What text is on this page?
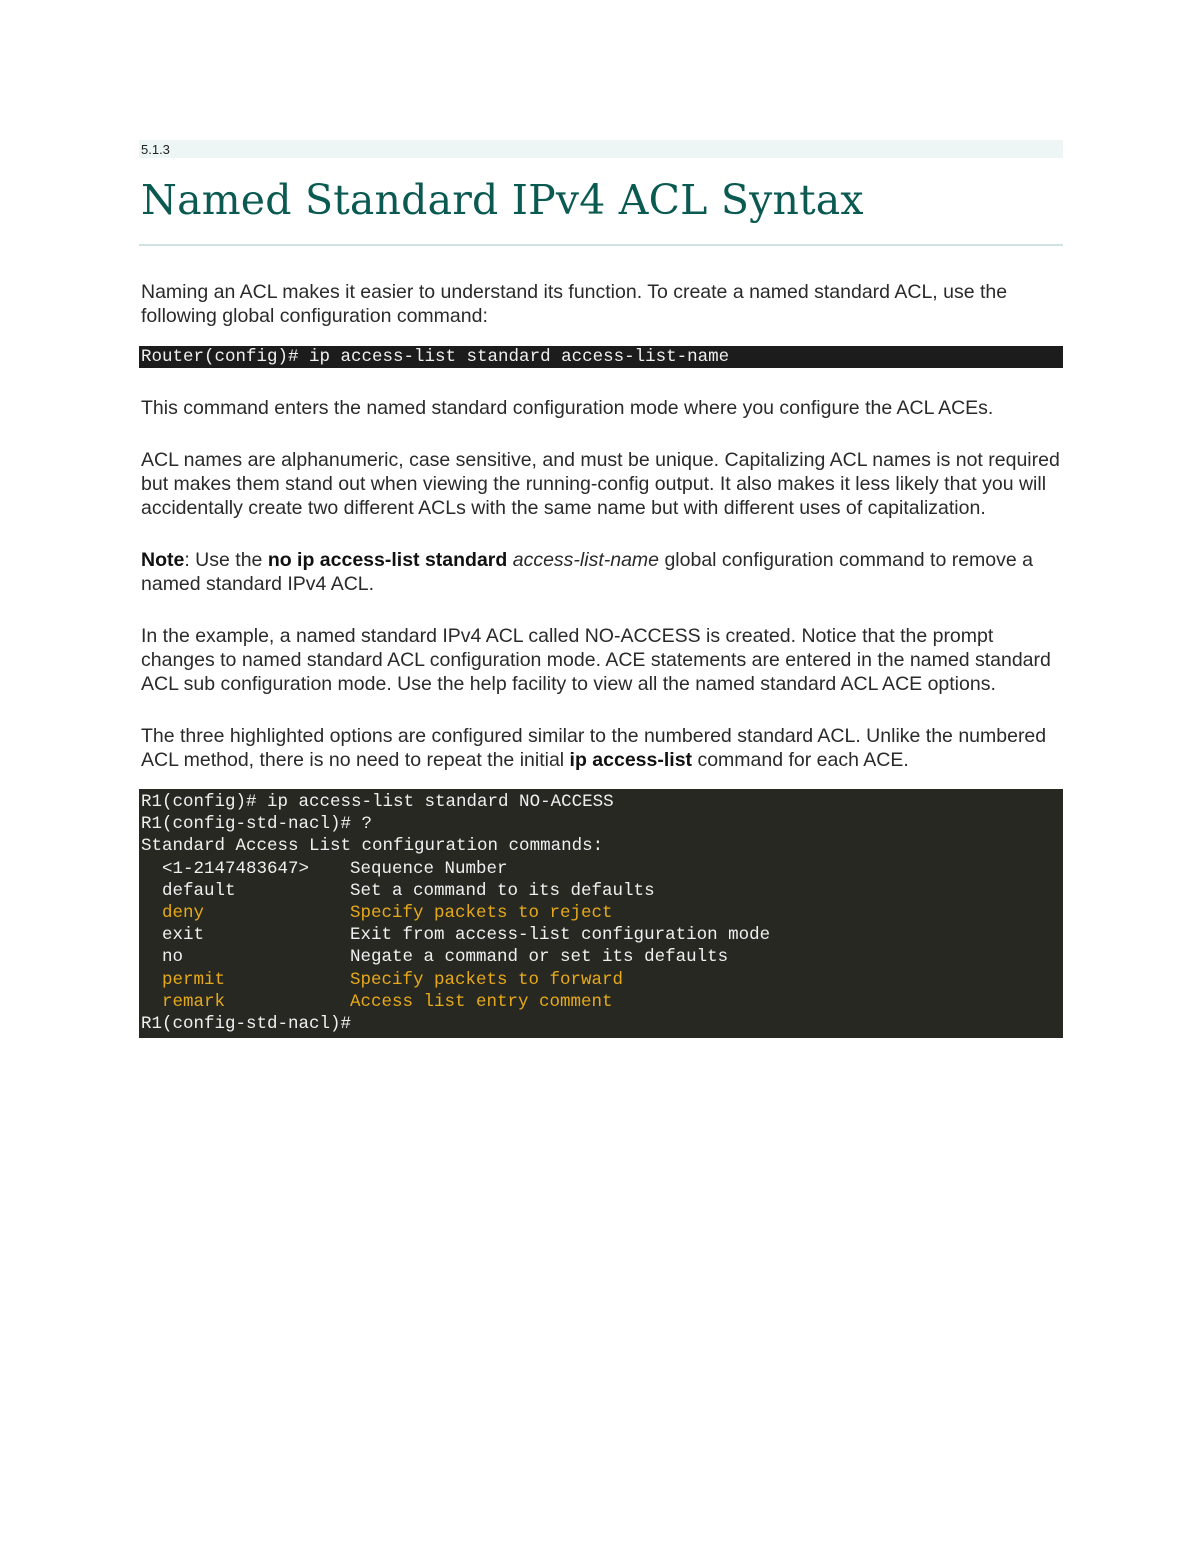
5.1.3
Named Standard IPv4 ACL Syntax

Naming an ACL makes it easier to understand its function. To create a named standard ACL, use the following global configuration command:

Router(config)# ip access-list standard access-list-name

This command enters the named standard configuration mode where you configure the ACL ACEs.

ACL names are alphanumeric, case sensitive, and must be unique. Capitalizing ACL names is not required but makes them stand out when viewing the running-config output. It also makes it less likely that you will accidentally create two different ACLs with the same name but with different uses of capitalization.

Note: Use the no ip access-list standard access-list-name global configuration command to remove a named standard IPv4 ACL.

In the example, a named standard IPv4 ACL called NO-ACCESS is created. Notice that the prompt changes to named standard ACL configuration mode. ACE statements are entered in the named standard ACL sub configuration mode. Use the help facility to view all the named standard ACL ACE options.

The three highlighted options are configured similar to the numbered standard ACL. Unlike the numbered ACL method, there is no need to repeat the initial ip access-list command for each ACE.

R1(config)# ip access-list standard NO-ACCESS
R1(config-std-nacl)# ?
Standard Access List configuration commands:
<1-2147483647> Sequence Number
default	Set a command to its defaults
deny	Specify packets to reject
exit	Exit from access-list configuration mode
no	Negate a command or set its defaults
permit	Specify packets to forward
remark	Access list entry comment
R1(config-std-nacl)#
